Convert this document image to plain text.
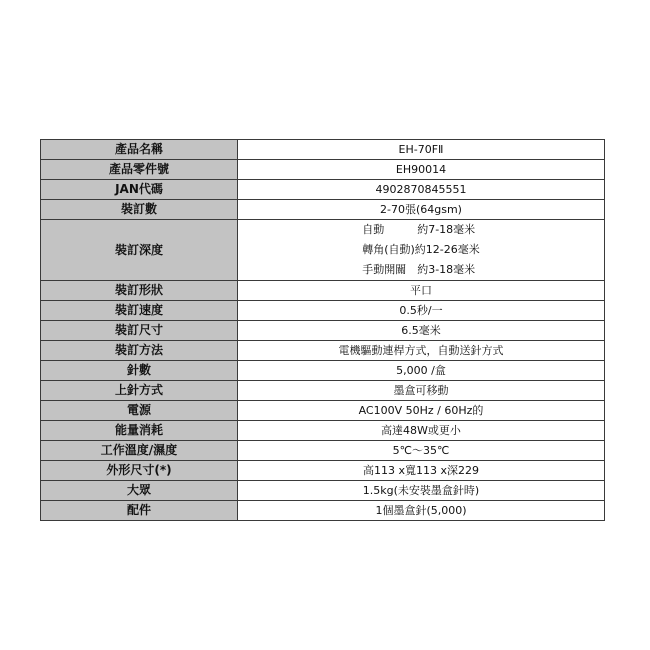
產品名稱	EH-70FⅡ
產品零件號	EH90014
JAN代碼	4902870845551
裝訂數	2-70張(64gsm)
裝訂深度	自動　　　約7-18毫米
轉角(自動)約12-26毫米
手動開關　約3-18毫米

裝訂形狀	平口
裝訂速度	0.5秒/一
裝訂尺寸	6.5毫米
裝訂方法	電機驅動連桿方式，自動送針方式
針數	5,000 /盒
上針方式	墨盒可移動
電源	AC100V 50Hz / 60Hz的
能量消耗	高達48W或更小
工作溫度/濕度	5℃～35℃
外形尺寸(*)	高113 x寬113 x深229
大眾	1.5kg(未安裝墨盒針時)
配件	1個墨盒針(5,000)
